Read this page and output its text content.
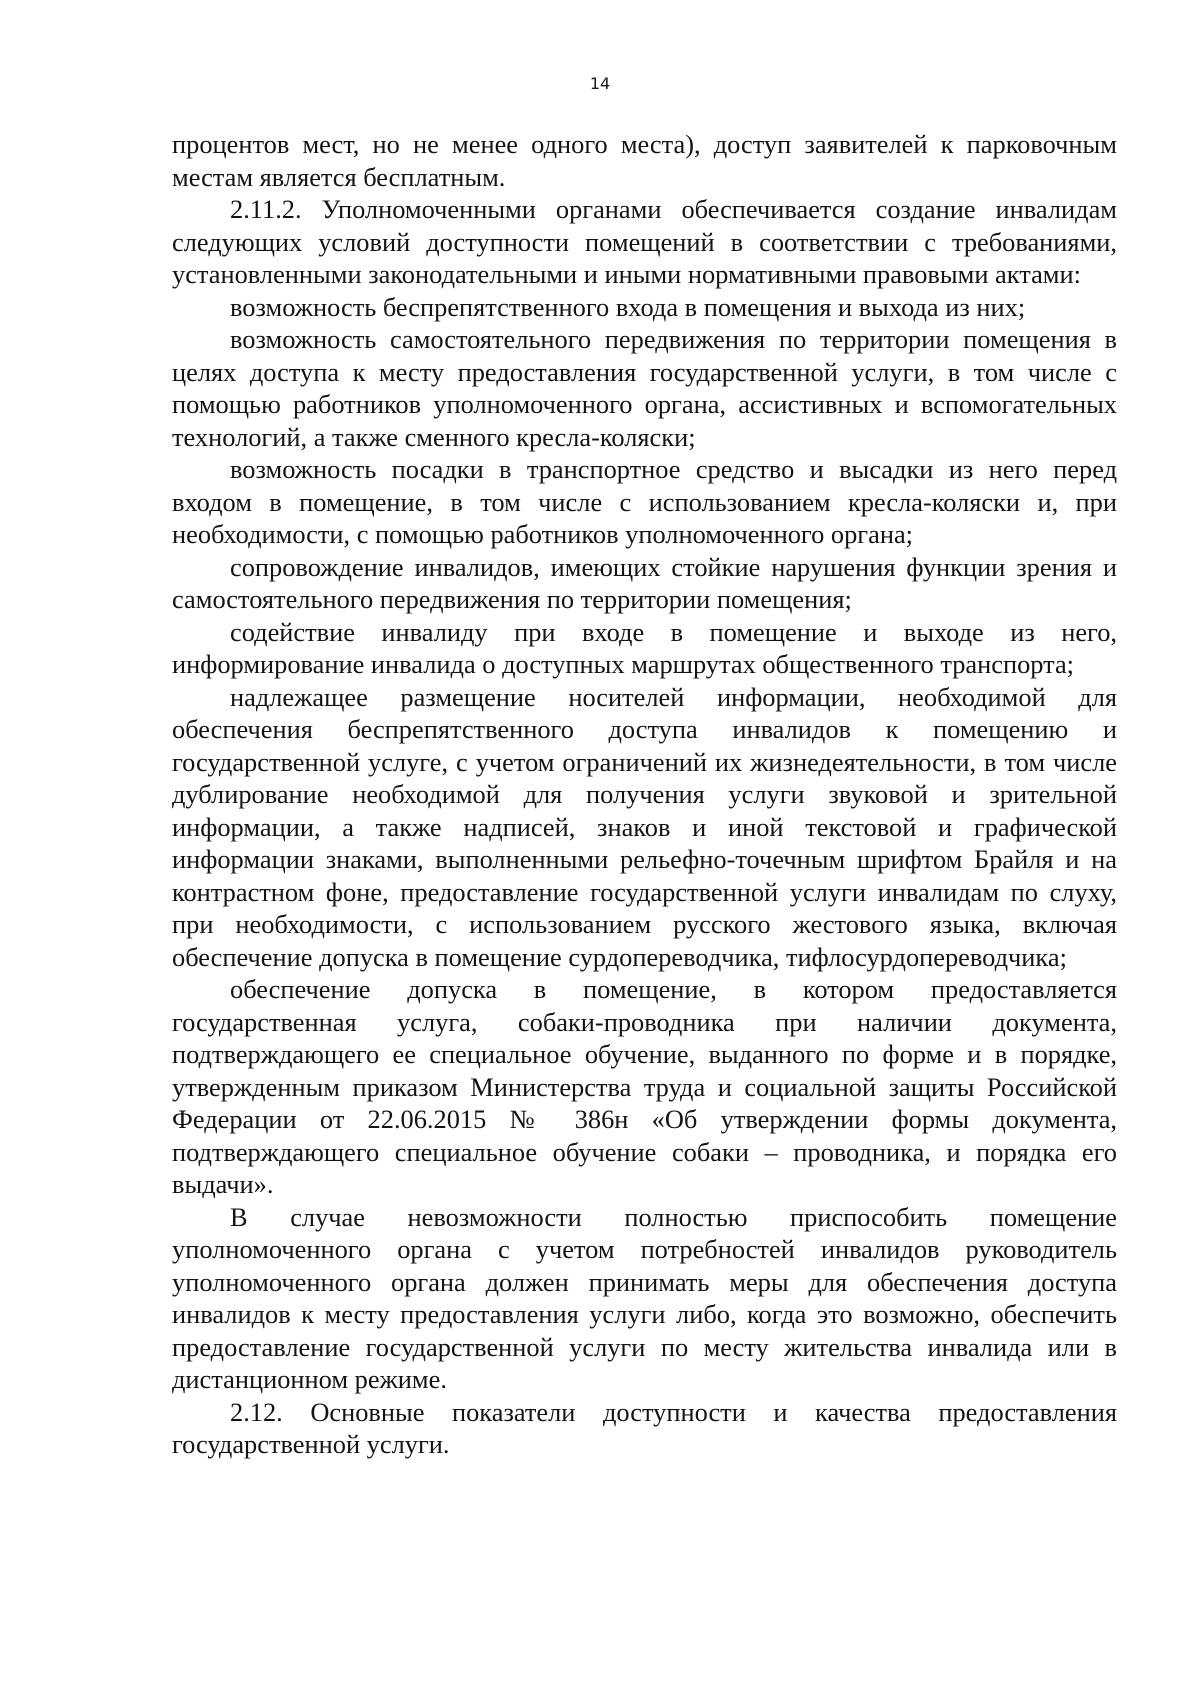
14

процентов мест, но не менее одного места), доступ заявителей к парковочным местам является бесплатным.

2.11.2. Уполномоченными органами обеспечивается создание инвалидам следующих условий доступности помещений в соответствии с требованиями, установленными законодательными и иными нормативными правовыми актами:

возможность беспрепятственного входа в помещения и выхода из них;

возможность самостоятельного передвижения по территории помещения в целях доступа к месту предоставления государственной услуги, в том числе с помощью работников уполномоченного органа, ассистивных и вспомогательных технологий, а также сменного кресла-коляски;

возможность посадки в транспортное средство и высадки из него перед входом в помещение, в том числе с использованием кресла-коляски и, при необходимости, с помощью работников уполномоченного органа;

сопровождение инвалидов, имеющих стойкие нарушения функции зрения и самостоятельного передвижения по территории помещения;

содействие инвалиду при входе в помещение и выходе из него, информирование инвалида о доступных маршрутах общественного транспорта;

надлежащее размещение носителей информации, необходимой для обеспечения беспрепятственного доступа инвалидов к помещению и государственной услуге, с учетом ограничений их жизнедеятельности, в том числе дублирование необходимой для получения услуги звуковой и зрительной информации, а также надписей, знаков и иной текстовой и графической информации знаками, выполненными рельефно-точечным шрифтом Брайля и на контрастном фоне, предоставление государственной услуги инвалидам по слуху, при необходимости, с использованием русского жестового языка, включая обеспечение допуска в помещение сурдопереводчика, тифлосурдопереводчика;

обеспечение допуска в помещение, в котором предоставляется государственная услуга, собаки-проводника при наличии документа, подтверждающего ее специальное обучение, выданного по форме и в порядке, утвержденным приказом Министерства труда и социальной защиты Российской Федерации от 22.06.2015 № 386н «Об утверждении формы документа, подтверждающего специальное обучение собаки – проводника, и порядка его выдачи».

В случае невозможности полностью приспособить помещение уполномоченного органа с учетом потребностей инвалидов руководитель уполномоченного органа должен принимать меры для обеспечения доступа инвалидов к месту предоставления услуги либо, когда это возможно, обеспечить предоставление государственной услуги по месту жительства инвалида или в дистанционном режиме.

2.12. Основные показатели доступности и качества предоставления государственной услуги.
